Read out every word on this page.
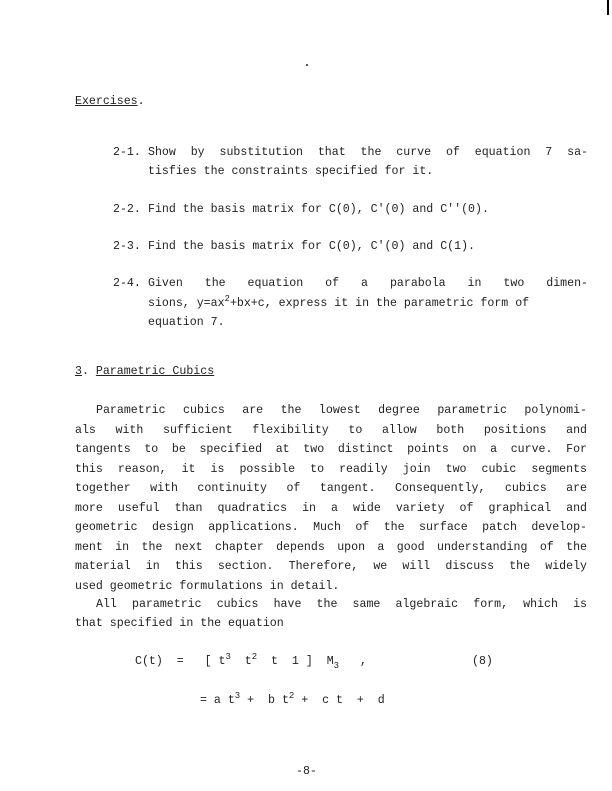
Exercises.
2-1. Show by substitution that the curve of equation 7 sa-
tisfies the constraints specified for it.
2-2. Find the basis matrix for C(0), C'(0) and C''(0).
2-3. Find the basis matrix for C(0), C'(0) and C(1).
2-4. Given the equation of a parabola in two dimen-
sions, $y=ax^2+bx+c$, express it in the parametric form of
equation 7.
3. Parametric Cubics
Parametric cubics are the lowest degree parametric polynomi-
als with sufficient flexibility to allow both positions and
tangents to be specified at two distinct points on a curve. For
this reason, it is possible to readily join two cubic segments
together with continuity of tangent. Consequently, cubics are
more useful than quadratics in a wide variety of graphical and
geometric design applications. Much of the surface patch develop-
ment in the next chapter depends upon a good understanding of the
material in this section. Therefore, we will discuss the widely
used geometric formulations in detail.
All parametric cubics have the same algebraic form, which is
that specified in the equation
C(t)  =   [ $t^3$  $t^2$  t  1 ]  $M_3$   ,	(8)
= a $t^3 + b$ $t^2 + c$ t  +  d
-8-
